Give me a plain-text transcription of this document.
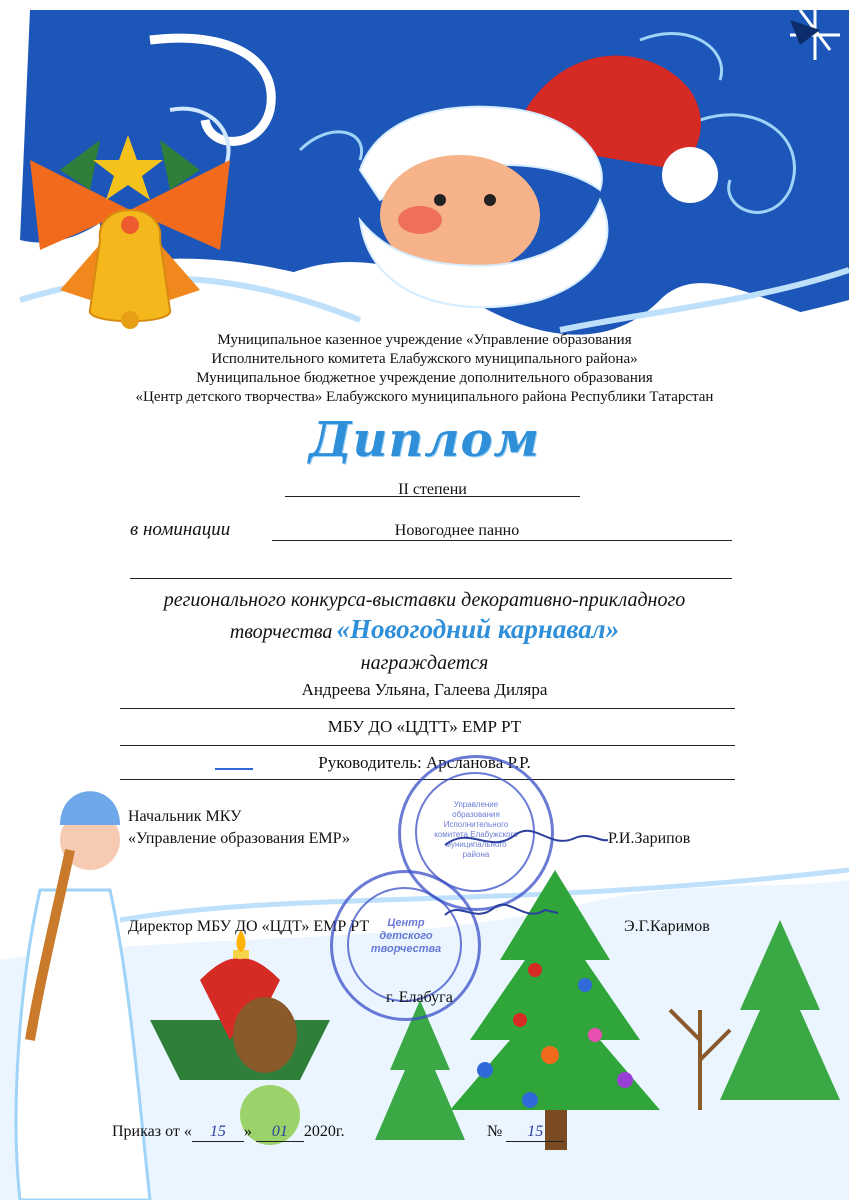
Муниципальное казенное учреждение «Управление образования
Исполнительного комитета Елабужского муниципального района»
Муниципальное бюджетное учреждение дополнительного образования
«Центр детского творчества» Елабужского муниципального района Республики Татарстан
Диплом
II степени
в номинации	Новогоднее панно
регионального конкурса-выставки декоративно-прикладного
творчества «Новогодний карнавал»
награждается
Андреева Ульяна, Галеева Диляра
МБУ ДО «ЦДТТ» ЕМР РТ
Руководитель: Арсланова Р.Р.
Начальник МКУ
«Управление образования ЕМР»	Р.И.Зарипов
Управление образования Исполнительного комитета Елабужского муниципального района
Директор МБУ ДО «ЦДТ» ЕМР РТ	Э.Г.Каримов
Центр детского творчества
г. Елабуга
Приказ от « 15 » 01 2020г.	№ 15
